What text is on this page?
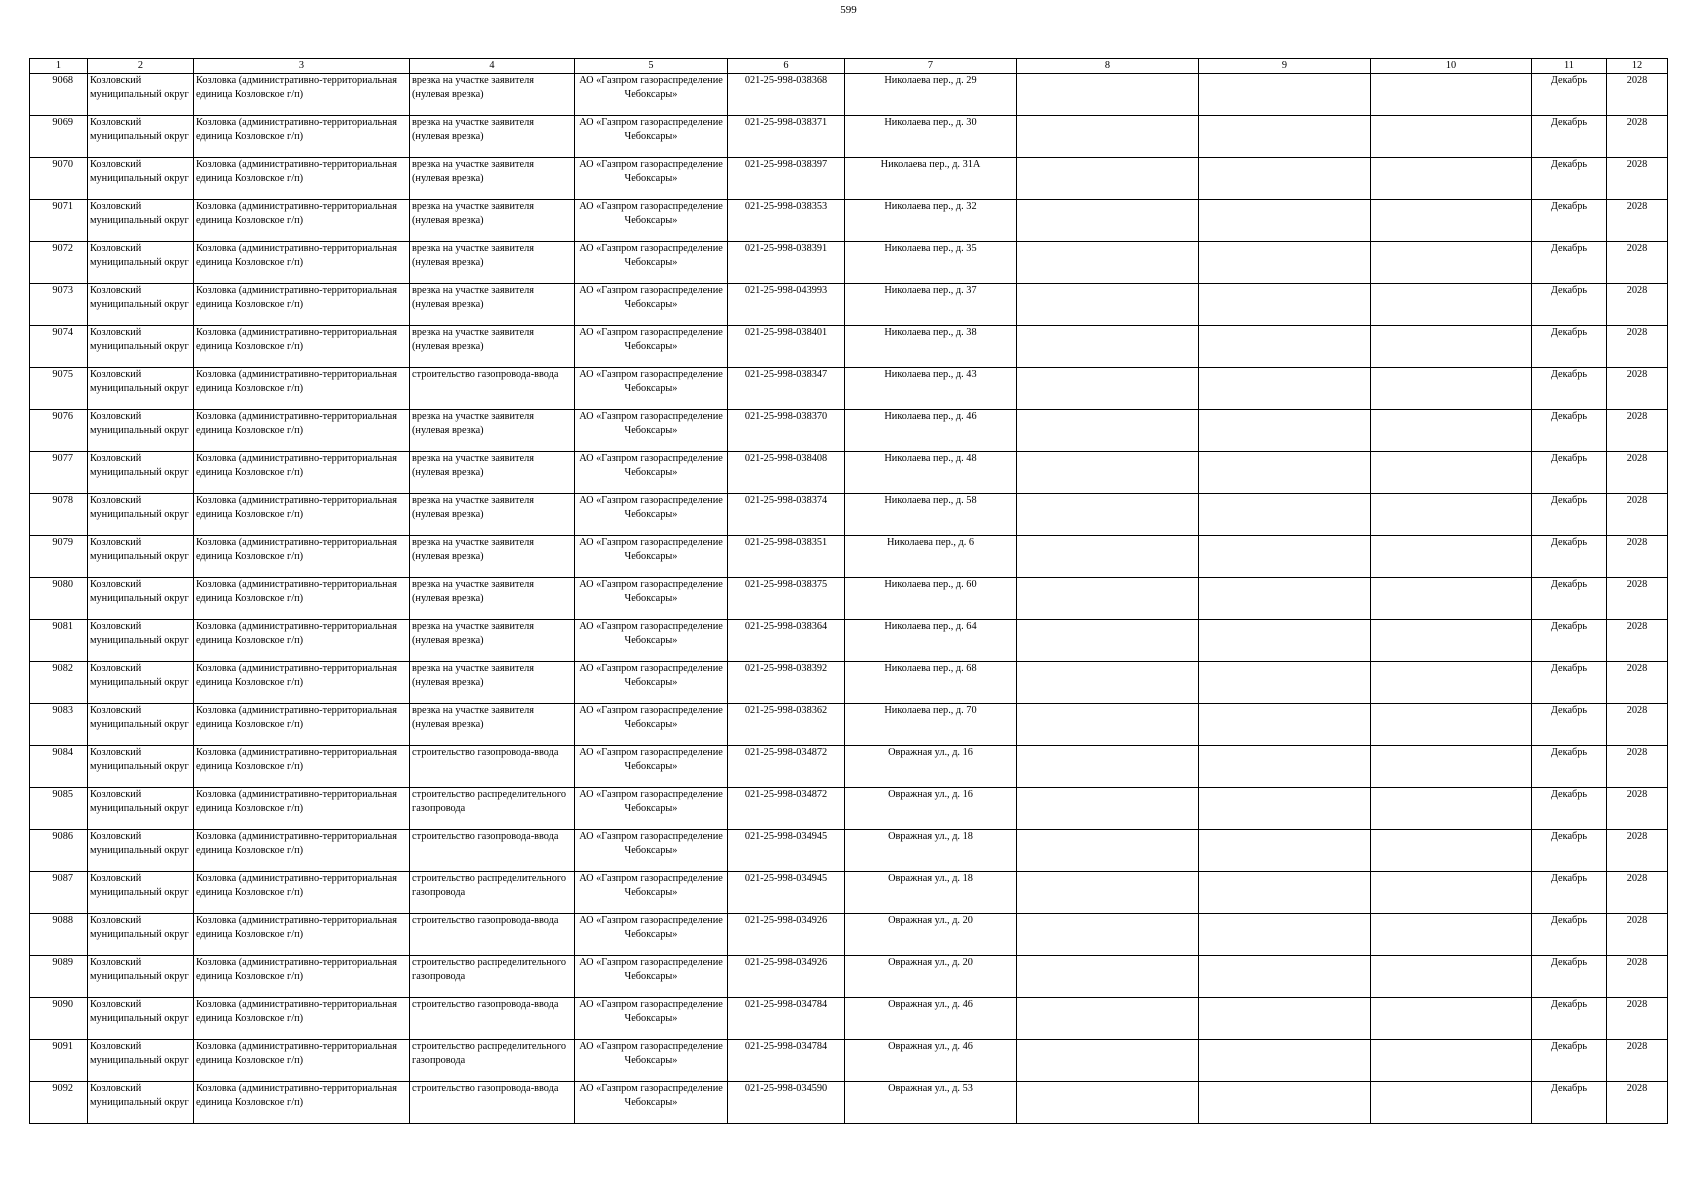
599
1	2	3	4	5	6	7	8	9	10	11	12

9068	Козловский муниципальный округ	Козловка (административно-территориальная единица Козловское г/п)	врезка на участке заявителя (нулевая врезка)	АО «Газпром газораспределение Чебоксары»	021-25-998-038368	Николаева пер., д. 29				Декабрь	2028

9069	Козловский муниципальный округ	Козловка (административно-территориальная единица Козловское г/п)	врезка на участке заявителя (нулевая врезка)	АО «Газпром газораспределение Чебоксары»	021-25-998-038371	Николаева пер., д. 30				Декабрь	2028

9070	Козловский муниципальный округ	Козловка (административно-территориальная единица Козловское г/п)	врезка на участке заявителя (нулевая врезка)	АО «Газпром газораспределение Чебоксары»	021-25-998-038397	Николаева пер., д. 31А				Декабрь	2028

9071	Козловский муниципальный округ	Козловка (административно-территориальная единица Козловское г/п)	врезка на участке заявителя (нулевая врезка)	АО «Газпром газораспределение Чебоксары»	021-25-998-038353	Николаева пер., д. 32				Декабрь	2028

9072	Козловский муниципальный округ	Козловка (административно-территориальная единица Козловское г/п)	врезка на участке заявителя (нулевая врезка)	АО «Газпром газораспределение Чебоксары»	021-25-998-038391	Николаева пер., д. 35				Декабрь	2028

9073	Козловский муниципальный округ	Козловка (административно-территориальная единица Козловское г/п)	врезка на участке заявителя (нулевая врезка)	АО «Газпром газораспределение Чебоксары»	021-25-998-043993	Николаева пер., д. 37				Декабрь	2028

9074	Козловский муниципальный округ	Козловка (административно-территориальная единица Козловское г/п)	врезка на участке заявителя (нулевая врезка)	АО «Газпром газораспределение Чебоксары»	021-25-998-038401	Николаева пер., д. 38				Декабрь	2028

9075	Козловский муниципальный округ	Козловка (административно-территориальная единица Козловское г/п)	строительство газопровода-ввода	АО «Газпром газораспределение Чебоксары»	021-25-998-038347	Николаева пер., д. 43				Декабрь	2028

9076	Козловский муниципальный округ	Козловка (административно-территориальная единица Козловское г/п)	врезка на участке заявителя (нулевая врезка)	АО «Газпром газораспределение Чебоксары»	021-25-998-038370	Николаева пер., д. 46				Декабрь	2028

9077	Козловский муниципальный округ	Козловка (административно-территориальная единица Козловское г/п)	врезка на участке заявителя (нулевая врезка)	АО «Газпром газораспределение Чебоксары»	021-25-998-038408	Николаева пер., д. 48				Декабрь	2028

9078	Козловский муниципальный округ	Козловка (административно-территориальная единица Козловское г/п)	врезка на участке заявителя (нулевая врезка)	АО «Газпром газораспределение Чебоксары»	021-25-998-038374	Николаева пер., д. 58				Декабрь	2028

9079	Козловский муниципальный округ	Козловка (административно-территориальная единица Козловское г/п)	врезка на участке заявителя (нулевая врезка)	АО «Газпром газораспределение Чебоксары»	021-25-998-038351	Николаева пер., д. 6				Декабрь	2028

9080	Козловский муниципальный округ	Козловка (административно-территориальная единица Козловское г/п)	врезка на участке заявителя (нулевая врезка)	АО «Газпром газораспределение Чебоксары»	021-25-998-038375	Николаева пер., д. 60				Декабрь	2028

9081	Козловский муниципальный округ	Козловка (административно-территориальная единица Козловское г/п)	врезка на участке заявителя (нулевая врезка)	АО «Газпром газораспределение Чебоксары»	021-25-998-038364	Николаева пер., д. 64				Декабрь	2028

9082	Козловский муниципальный округ	Козловка (административно-территориальная единица Козловское г/п)	врезка на участке заявителя (нулевая врезка)	АО «Газпром газораспределение Чебоксары»	021-25-998-038392	Николаева пер., д. 68				Декабрь	2028

9083	Козловский муниципальный округ	Козловка (административно-территориальная единица Козловское г/п)	врезка на участке заявителя (нулевая врезка)	АО «Газпром газораспределение Чебоксары»	021-25-998-038362	Николаева пер., д. 70				Декабрь	2028

9084	Козловский муниципальный округ	Козловка (административно-территориальная единица Козловское г/п)	строительство газопровода-ввода	АО «Газпром газораспределение Чебоксары»	021-25-998-034872	Овражная ул., д. 16				Декабрь	2028

9085	Козловский муниципальный округ	Козловка (административно-территориальная единица Козловское г/п)	строительство распределительного газопровода	АО «Газпром газораспределение Чебоксары»	021-25-998-034872	Овражная ул., д. 16				Декабрь	2028

9086	Козловский муниципальный округ	Козловка (административно-территориальная единица Козловское г/п)	строительство газопровода-ввода	АО «Газпром газораспределение Чебоксары»	021-25-998-034945	Овражная ул., д. 18				Декабрь	2028

9087	Козловский муниципальный округ	Козловка (административно-территориальная единица Козловское г/п)	строительство распределительного газопровода	АО «Газпром газораспределение Чебоксары»	021-25-998-034945	Овражная ул., д. 18				Декабрь	2028

9088	Козловский муниципальный округ	Козловка (административно-территориальная единица Козловское г/п)	строительство газопровода-ввода	АО «Газпром газораспределение Чебоксары»	021-25-998-034926	Овражная ул., д. 20				Декабрь	2028

9089	Козловский муниципальный округ	Козловка (административно-территориальная единица Козловское г/п)	строительство распределительного газопровода	АО «Газпром газораспределение Чебоксары»	021-25-998-034926	Овражная ул., д. 20				Декабрь	2028

9090	Козловский муниципальный округ	Козловка (административно-территориальная единица Козловское г/п)	строительство газопровода-ввода	АО «Газпром газораспределение Чебоксары»	021-25-998-034784	Овражная ул., д. 46				Декабрь	2028

9091	Козловский муниципальный округ	Козловка (административно-территориальная единица Козловское г/п)	строительство распределительного газопровода	АО «Газпром газораспределение Чебоксары»	021-25-998-034784	Овражная ул., д. 46				Декабрь	2028

9092	Козловский муниципальный округ	Козловка (административно-территориальная единица Козловское г/п)	строительство газопровода-ввода	АО «Газпром газораспределение Чебоксары»	021-25-998-034590	Овражная ул., д. 53				Декабрь	2028
